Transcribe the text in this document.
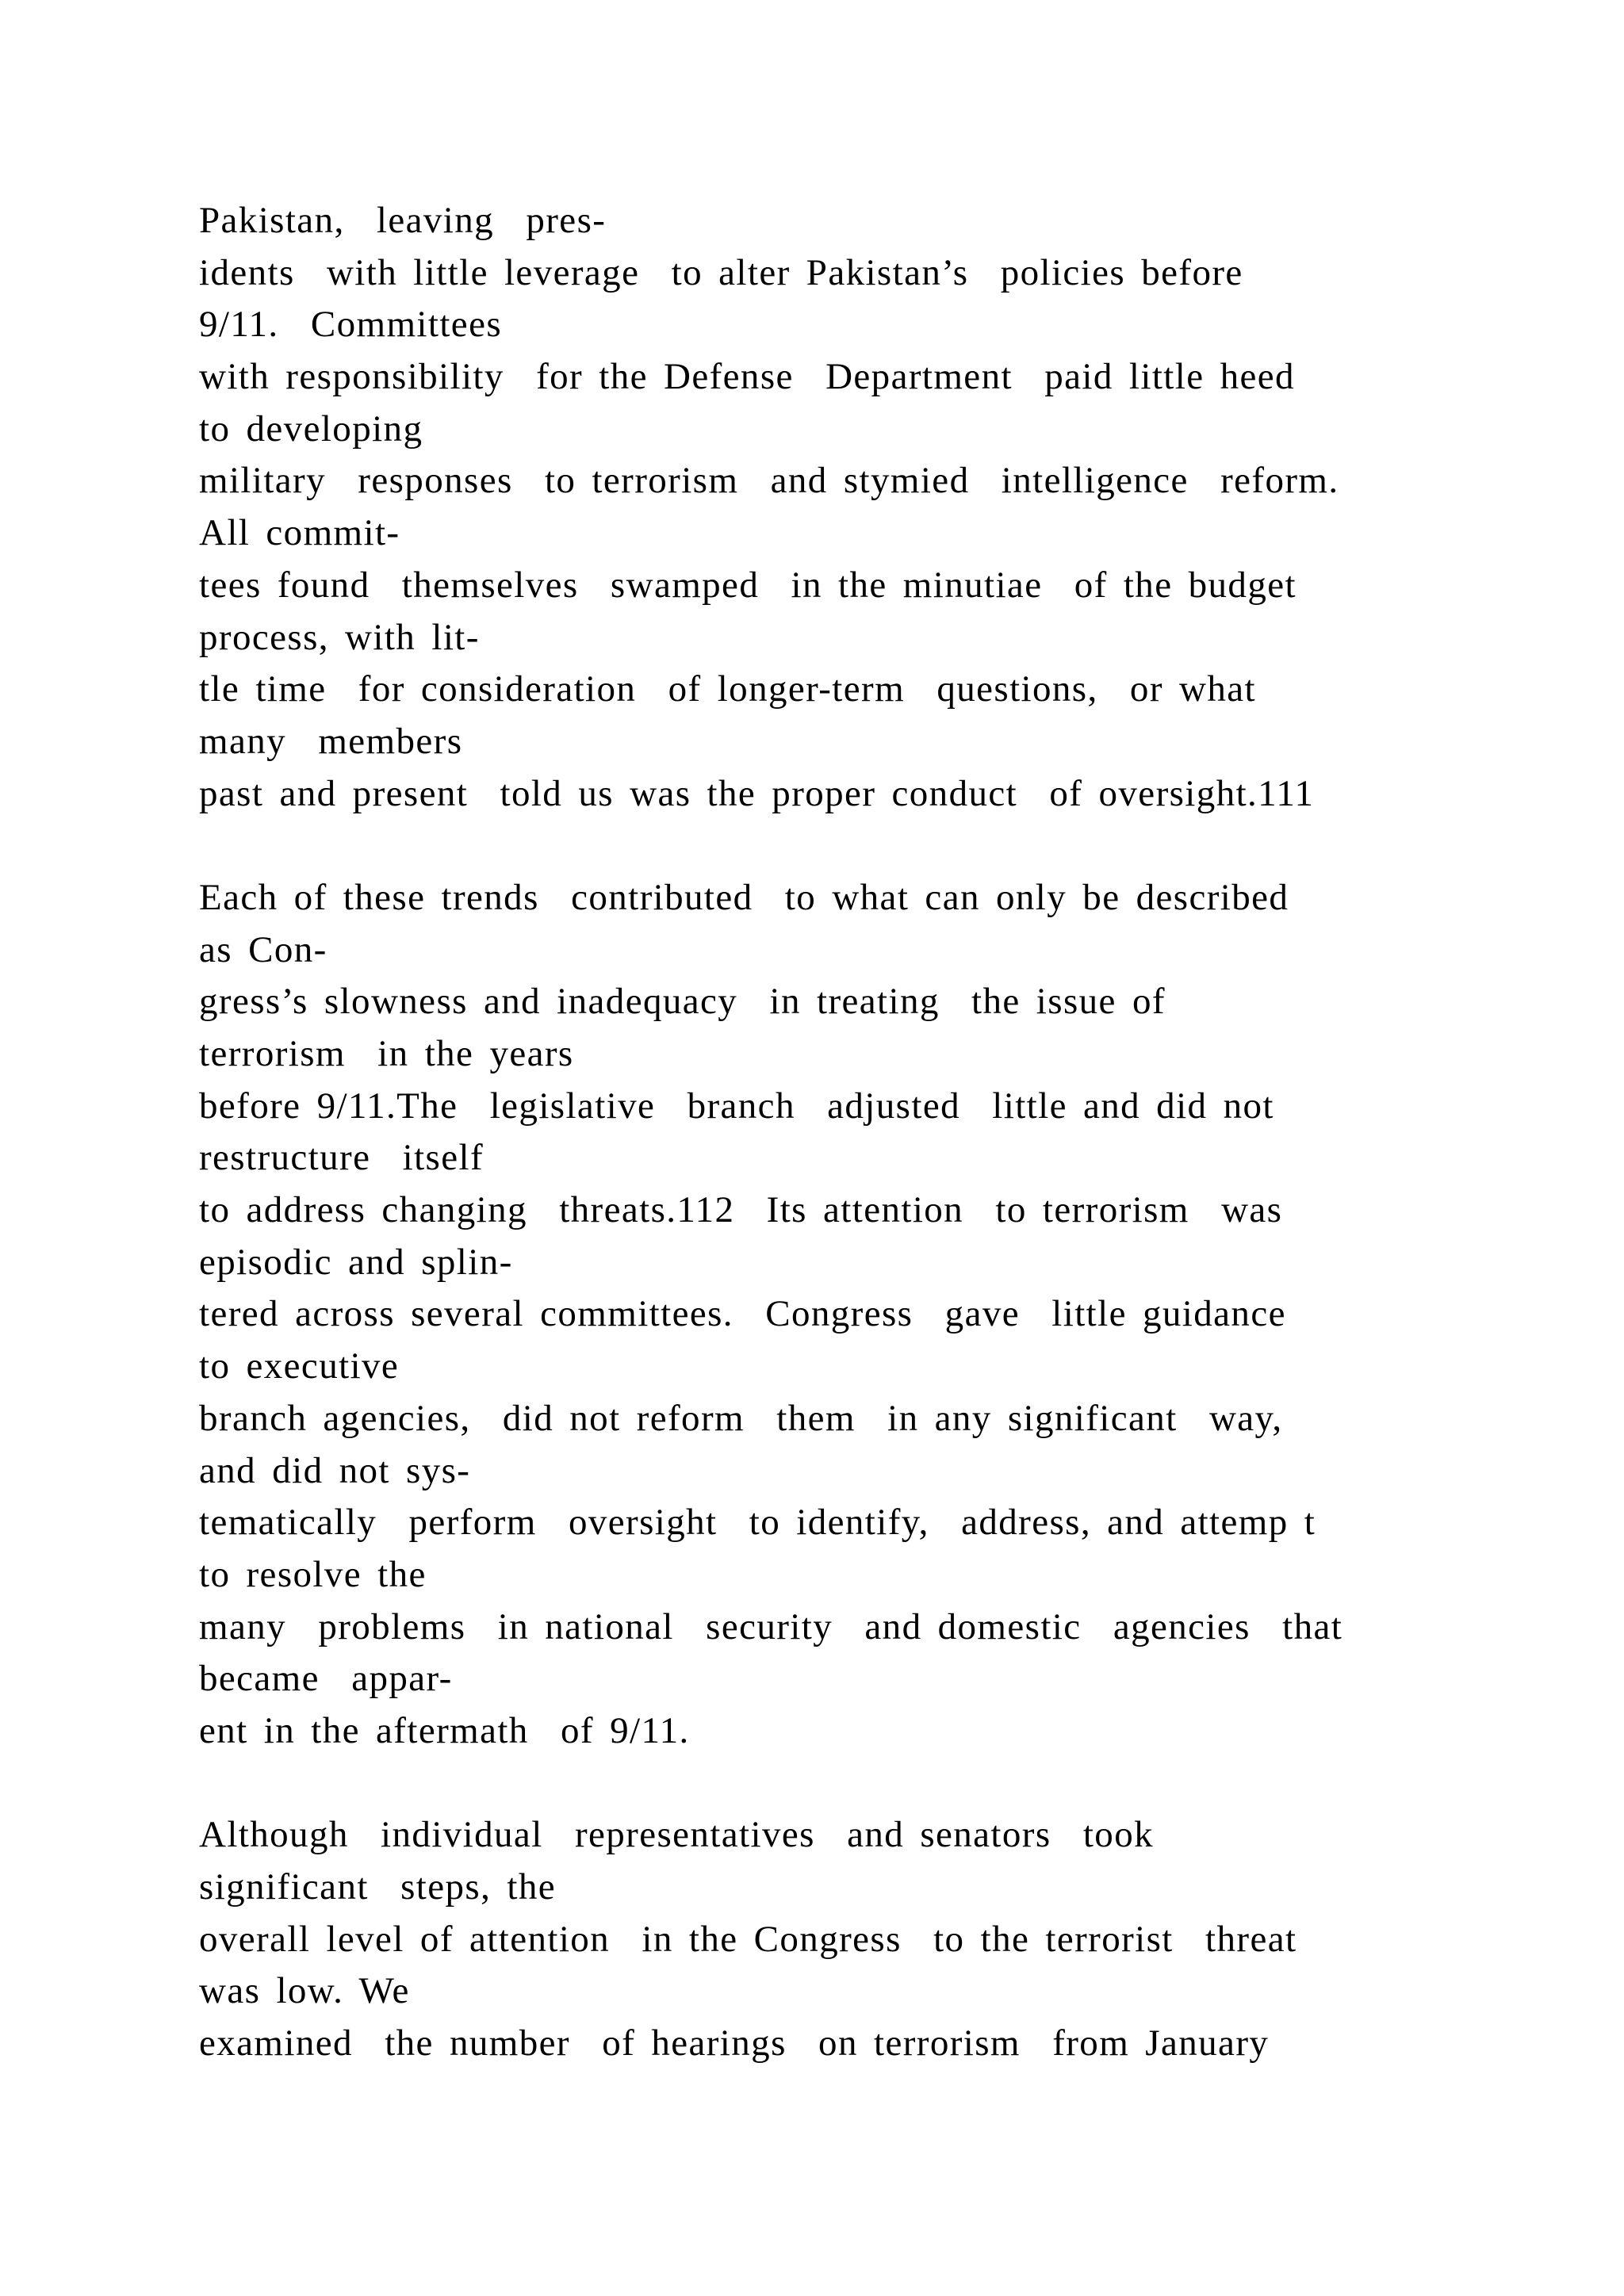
Pakistan,  leaving  pres-
idents  with little leverage  to alter Pakistan’s  policies before
9/11.  Committees
with responsibility  for the Defense  Department  paid little heed
to developing
military  responses  to terrorism  and stymied  intelligence  reform.
All commit-
tees found  themselves  swamped  in the minutiae  of the budget
process, with lit-
tle time  for consideration  of longer-term  questions,  or what
many  members
past and present  told us was the proper conduct  of oversight.111
Each of these trends  contributed  to what can only be described
as Con-
gress’s slowness and inadequacy  in treating  the issue of
terrorism  in the years
before 9/11.The  legislative  branch  adjusted  little and did not
restructure  itself
to address changing  threats.112  Its attention  to terrorism  was
episodic and splin-
tered across several committees.  Congress  gave  little guidance
to executive
branch agencies,  did not reform  them  in any significant  way,
and did not sys-
tematically  perform  oversight  to identify,  address, and attemp t
to resolve the
many  problems  in national  security  and domestic  agencies  that
became  appar-
ent in the aftermath  of 9/11.
Although  individual  representatives  and senators  took
significant  steps, the
overall level of attention  in the Congress  to the terrorist  threat
was low. We
examined  the number  of hearings  on terrorism  from January
